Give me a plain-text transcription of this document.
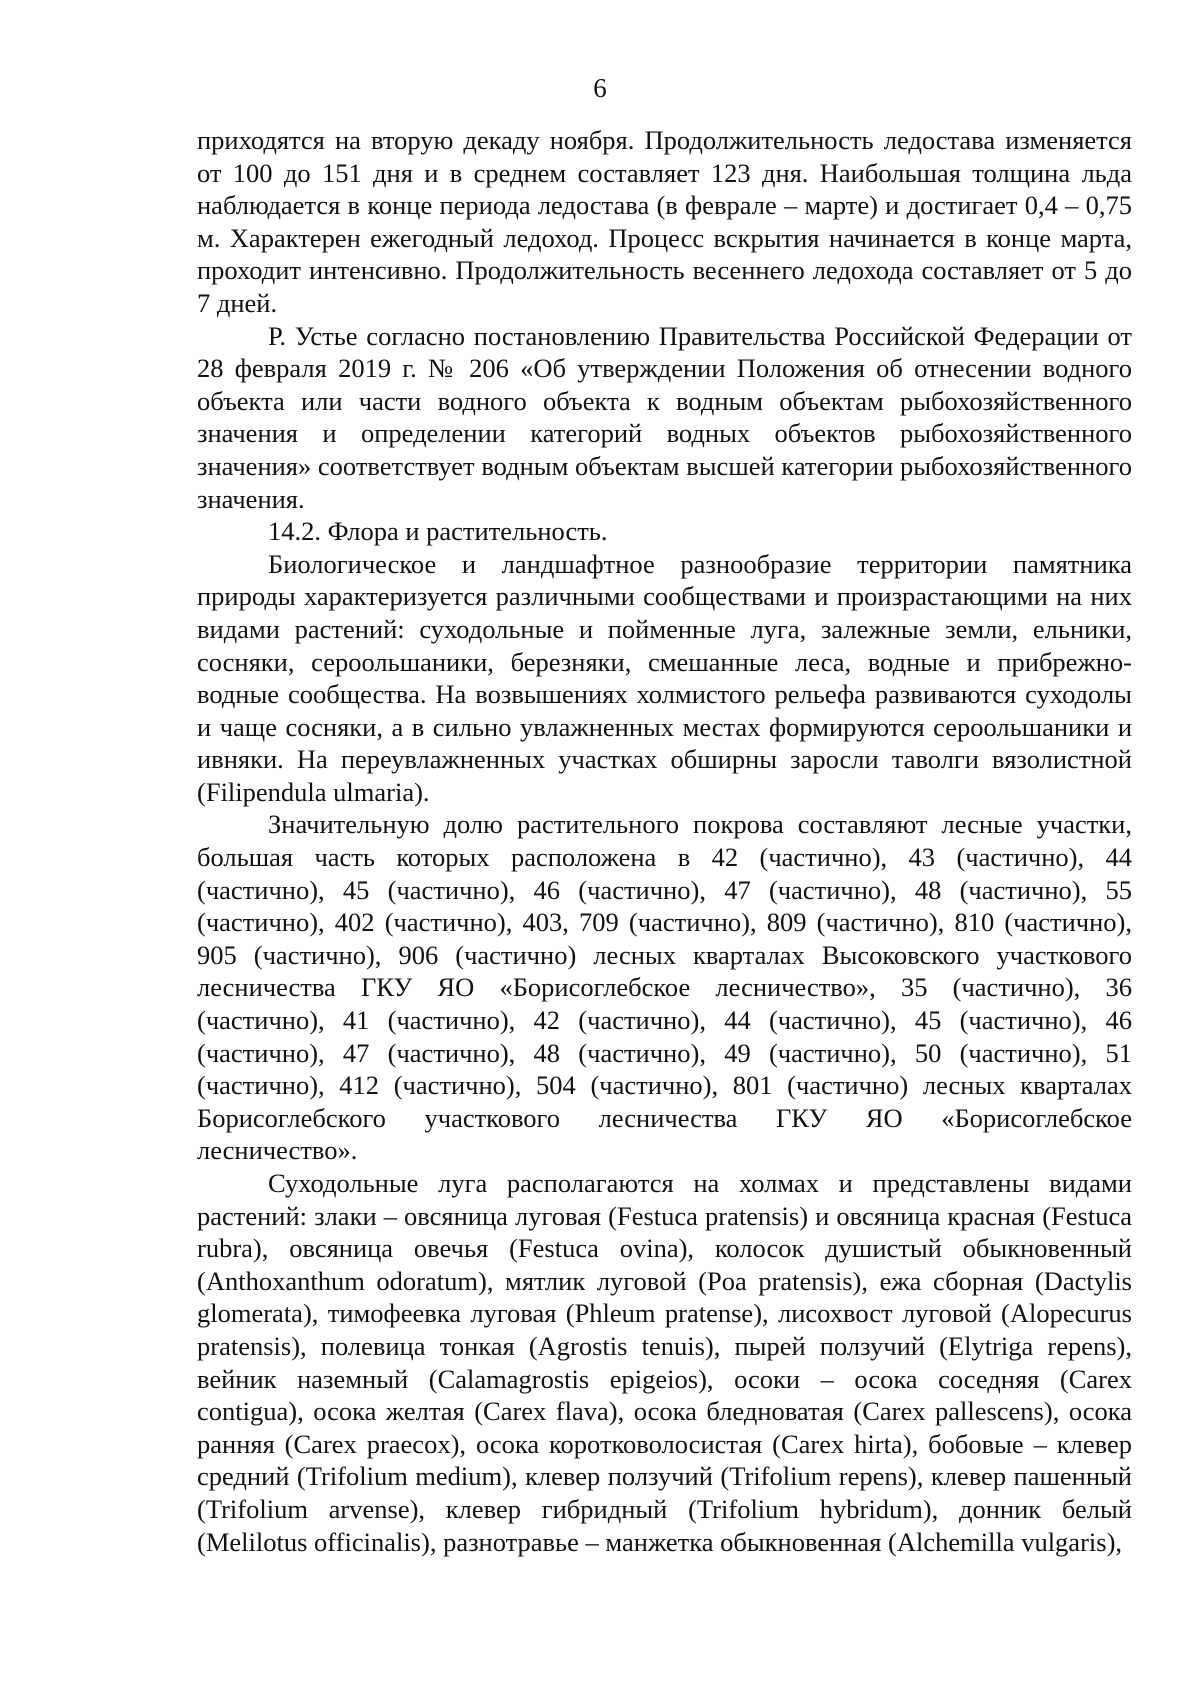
6

приходятся на вторую декаду ноября. Продолжительность ледостава изменяется от 100 до 151 дня и в среднем составляет 123 дня. Наибольшая толщина льда наблюдается в конце периода ледостава (в феврале – марте) и достигает 0,4 – 0,75 м. Характерен ежегодный ледоход. Процесс вскрытия начинается в конце марта, проходит интенсивно. Продолжительность весеннего ледохода составляет от 5 до 7 дней.

Р. Устье согласно постановлению Правительства Российской Федерации от 28 февраля 2019 г. № 206 «Об утверждении Положения об отнесении водного объекта или части водного объекта к водным объектам рыбохозяйственного значения и определении категорий водных объектов рыбохозяйственного значения» соответствует водным объектам высшей категории рыбохозяйственного значения.

14.2. Флора и растительность.

Биологическое и ландшафтное разнообразие территории памятника природы характеризуется различными сообществами и произрастающими на них видами растений: суходольные и пойменные луга, залежные земли, ельники, сосняки, сероольшаники, березняки, смешанные леса, водные и прибрежно-водные сообщества. На возвышениях холмистого рельефа развиваются суходолы и чаще сосняки, а в сильно увлажненных местах формируются сероольшаники и ивняки. На переувлажненных участках обширны заросли таволги вязолистной (Filipendula ulmaria).

Значительную долю растительного покрова составляют лесные участки, большая часть которых расположена в 42 (частично), 43 (частично), 44 (частично), 45 (частично), 46 (частично), 47 (частично), 48 (частично), 55 (частично), 402 (частично), 403, 709 (частично), 809 (частично), 810 (частично), 905 (частично), 906 (частично) лесных кварталах Высоковского участкового лесничества ГКУ ЯО «Борисоглебское лесничество», 35 (частично), 36 (частично), 41 (частично), 42 (частично), 44 (частично), 45 (частично), 46 (частично), 47 (частично), 48 (частично), 49 (частично), 50 (частично), 51 (частично), 412 (частично), 504 (частично), 801 (частично) лесных кварталах Борисоглебского участкового лесничества ГКУ ЯО «Борисоглебское лесничество».

Суходольные луга располагаются на холмах и представлены видами растений: злаки – овсяница луговая (Festuca pratensis) и овсяница красная (Festuca rubra), овсяница овечья (Festuca ovina), колосок душистый обыкновенный (Anthoxanthum odoratum), мятлик луговой (Poa pratensis), ежа сборная (Dactylis glomerata), тимофеевка луговая (Phleum pratense), лисохвост луговой (Alopecurus pratensis), полевица тонкая (Agrostis tenuis), пырей ползучий (Elytriga repens), вейник наземный (Calamagrostis epigeios), осоки – осока соседняя (Carex contigua), осока желтая (Carex flava), осока бледноватая (Carex pallescens), осока ранняя (Carex praecox), осока коротковолосистая (Carex hirta), бобовые – клевер средний (Trifolium medium), клевер ползучий (Trifolium repens), клевер пашенный (Trifolium arvense), клевер гибридный (Trifolium hybridum), донник белый (Melilotus officinalis), разнотравье – манжетка обыкновенная (Alchemilla vulgaris),
